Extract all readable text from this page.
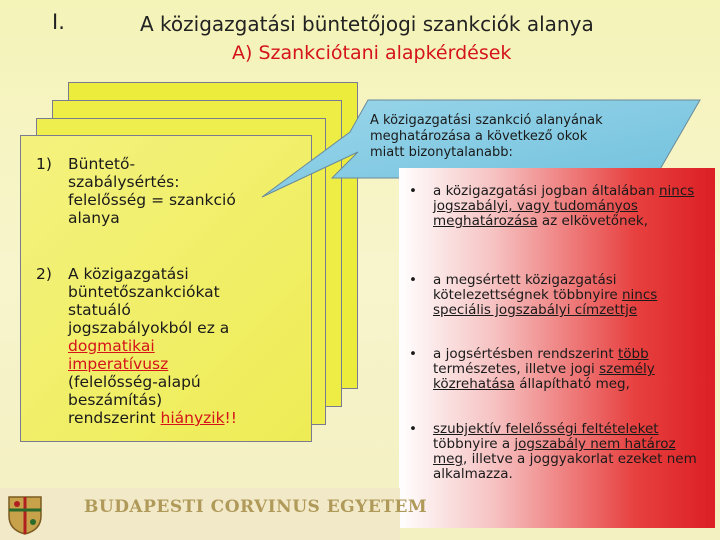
I.	A közigazgatási büntetőjogi szankciók alanya
A) Szankciótani alapkérdések
1) Büntető-
szabálysértés:
felelősség = szankció
alanya
2) A közigazgatási
büntetőszankciókat
statuáló
jogszabályokból ez a
dogmatikai
imperatívusz
(felelősség-alapú
beszámítás)
rendszerint hiányzik!!
A közigazgatási szankció alanyának
meghatározása a következő okok
miatt bizonytalanabb:
• a közigazgatási jogban általában nincs jogszabályi, vagy tudományos meghatározása az elkövetőnek,
• a megsértett közigazgatási kötelezettségnek többnyire nincs speciális jogszabályi címzettje
• a jogsértésben rendszerint több természetes, illetve jogi személy közrehatása állapítható meg,
• szubjektív felelősségi feltételeket többnyire a jogszabály nem határoz meg, illetve a joggyakorlat ezeket nem alkalmazza.
BUDAPESTI CORVINUS EGYETEM
